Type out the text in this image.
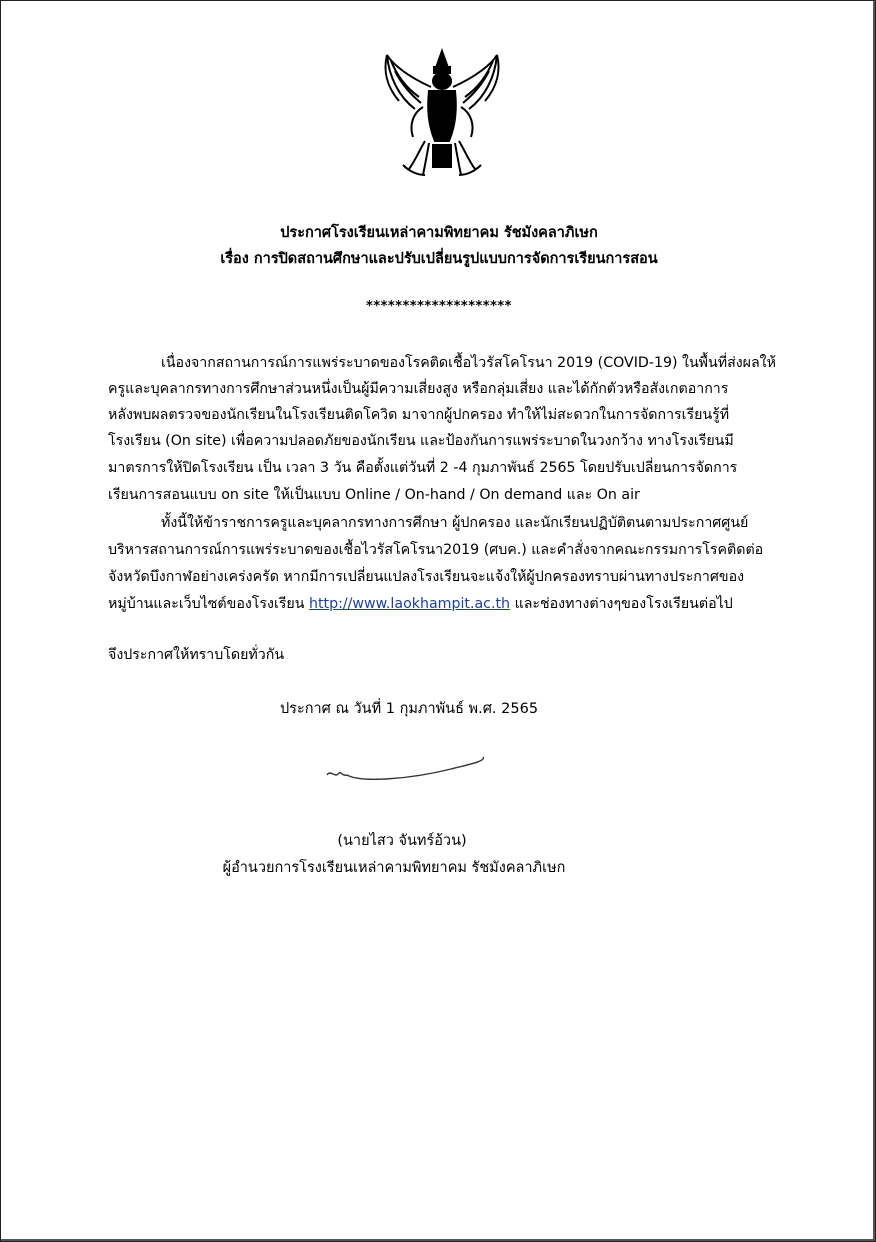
ประกาศโรงเรียนเหล่าคามพิทยาคม รัชมังคลาภิเษก
เรื่อง การปิดสถานศึกษาและปรับเปลี่ยนรูปแบบการจัดการเรียนการสอน
********************
เนื่องจากสถานการณ์การแพร่ระบาดของโรคติดเชื้อไวรัสโคโรนา 2019 (COVID-19) ในพื้นที่ส่งผลให้
ครูและบุคลากรทางการศึกษาส่วนหนึ่งเป็นผู้มีความเสี่ยงสูง หรือกลุ่มเสี่ยง และได้กักตัวหรือสังเกตอาการ
หลังพบผลตรวจของนักเรียนในโรงเรียนติดโควิด มาจากผู้ปกครอง ทำให้ไม่สะดวกในการจัดการเรียนรู้ที่
โรงเรียน (On site) เพื่อความปลอดภัยของนักเรียน และป้องกันการแพร่ระบาดในวงกว้าง ทางโรงเรียนมี
มาตรการให้ปิดโรงเรียน เป็น เวลา 3 วัน คือตั้งแต่วันที่ 2 -4 กุมภาพันธ์ 2565 โดยปรับเปลี่ยนการจัดการ
เรียนการสอนแบบ on site ให้เป็นแบบ Online / On-hand / On demand และ On air
ทั้งนี้ให้ข้าราชการครูและบุคลากรทางการศึกษา ผู้ปกครอง และนักเรียนปฏิบัติตนตามประกาศศูนย์
บริหารสถานการณ์การแพร่ระบาดของเชื้อไวรัสโคโรนา2019 (ศบค.) และคำสั่งจากคณะกรรมการโรคติดต่อ
จังหวัดบึงกาฬอย่างเคร่งครัด หากมีการเปลี่ยนแปลงโรงเรียนจะแจ้งให้ผู้ปกครองทราบผ่านทางประกาศของ
หมู่บ้านและเว็บไซต์ของโรงเรียน http://www.laokhampit.ac.th และช่องทางต่างๆของโรงเรียนต่อไป
จึงประกาศให้ทราบโดยทั่วกัน
ประกาศ ณ วันที่ 1 กุมภาพันธ์ พ.ศ. 2565
(นายไสว จันทร์อ้วน)
ผู้อำนวยการโรงเรียนเหล่าคามพิทยาคม รัชมังคลาภิเษก
